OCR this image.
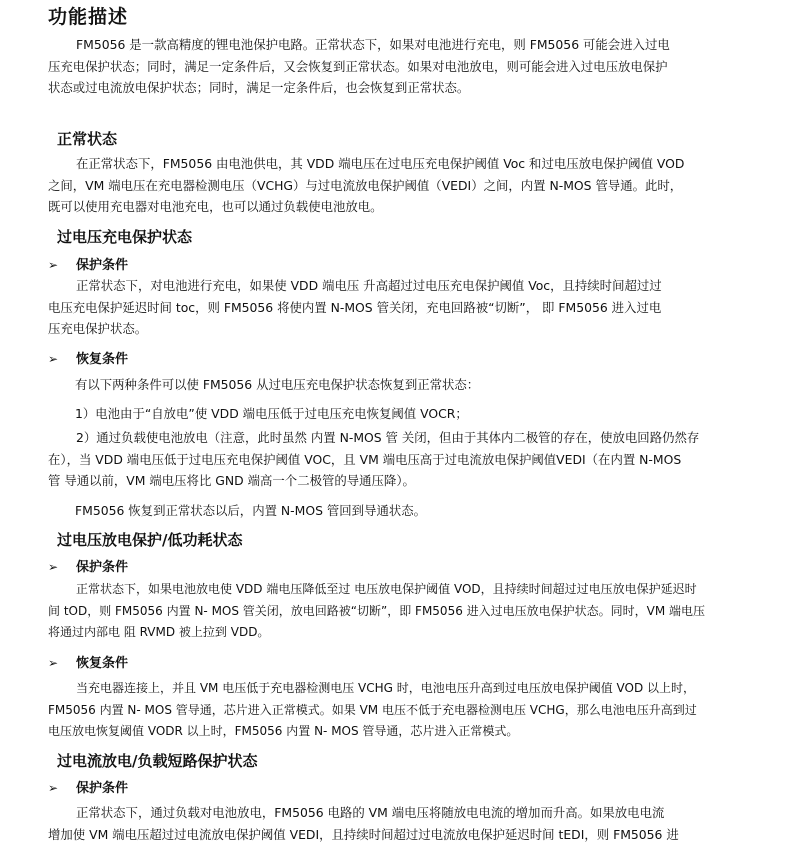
功能描述
FM5056 是一款高精度的锂电池保护电路。正常状态下，如果对电池进行充电，则 FM5056 可能会进入过电
压充电保护状态；同时，满足一定条件后，又会恢复到正常状态。如果对电池放电，则可能会进入过电压放电保护
状态或过电流放电保护状态；同时，满足一定条件后，也会恢复到正常状态。
正常状态
在正常状态下，FM5056 由电池供电，其 VDD 端电压在过电压充电保护阈值 Voc 和过电压放电保护阈值 VOD
之间，VM 端电压在充电器检测电压（VCHG）与过电流放电保护阈值（VEDI）之间，内置 N-MOS 管导通。此时，
既可以使用充电器对电池充电，也可以通过负载使电池放电。
过电压充电保护状态
➢ 保护条件
正常状态下，对电池进行充电，如果使 VDD 端电压 升高超过过电压充电保护阈值 Voc，且持续时间超过过
电压充电保护延迟时间 toc，则 FM5056 将使内置 N-MOS 管关闭，充电回路被“切断”， 即 FM5056 进入过电
压充电保护状态。
➢ 恢复条件
有以下两种条件可以使 FM5056 从过电压充电保护状态恢复到正常状态：
1）电池由于“自放电”使 VDD 端电压低于过电压充电恢复阈值 VOCR；
2）通过负载使电池放电（注意，此时虽然 内置 N-MOS 管 关闭，但由于其体内二极管的存在，使放电回路仍然存
在），当 VDD 端电压低于过电压充电保护阈值 VOC，且 VM 端电压高于过电流放电保护阈值VEDI（在内置 N-MOS
管 导通以前，VM 端电压将比 GND 端高一个二极管的导通压降）。
FM5056 恢复到正常状态以后，内置 N-MOS 管回到导通状态。
过电压放电保护/低功耗状态
➢ 保护条件
正常状态下，如果电池放电使 VDD 端电压降低至过 电压放电保护阈值 VOD，且持续时间超过过电压放电保护延迟时
间 tOD，则 FM5056 内置 N- MOS 管关闭，放电回路被“切断”，即 FM5056 进入过电压放电保护状态。同时，VM 端电压
将通过内部电 阻 RVMD 被上拉到 VDD。
➢ 恢复条件
当充电器连接上，并且 VM 电压低于充电器检测电压 VCHG 时，电池电压升高到过电压放电保护阈值 VOD 以上时，
FM5056 内置 N- MOS 管导通，芯片进入正常模式。如果 VM 电压不低于充电器检测电压 VCHG，那么电池电压升高到过
电压放电恢复阈值 VODR 以上时，FM5056 内置 N- MOS 管导通，芯片进入正常模式。
过电流放电/负载短路保护状态
➢ 保护条件
正常状态下，通过负载对电池放电，FM5056 电路的 VM 端电压将随放电电流的增加而升高。如果放电电流
增加使 VM 端电压超过过电流放电保护阈值 VEDI，且持续时间超过过电流放电保护延迟时间 tEDI，则 FM5056 进
